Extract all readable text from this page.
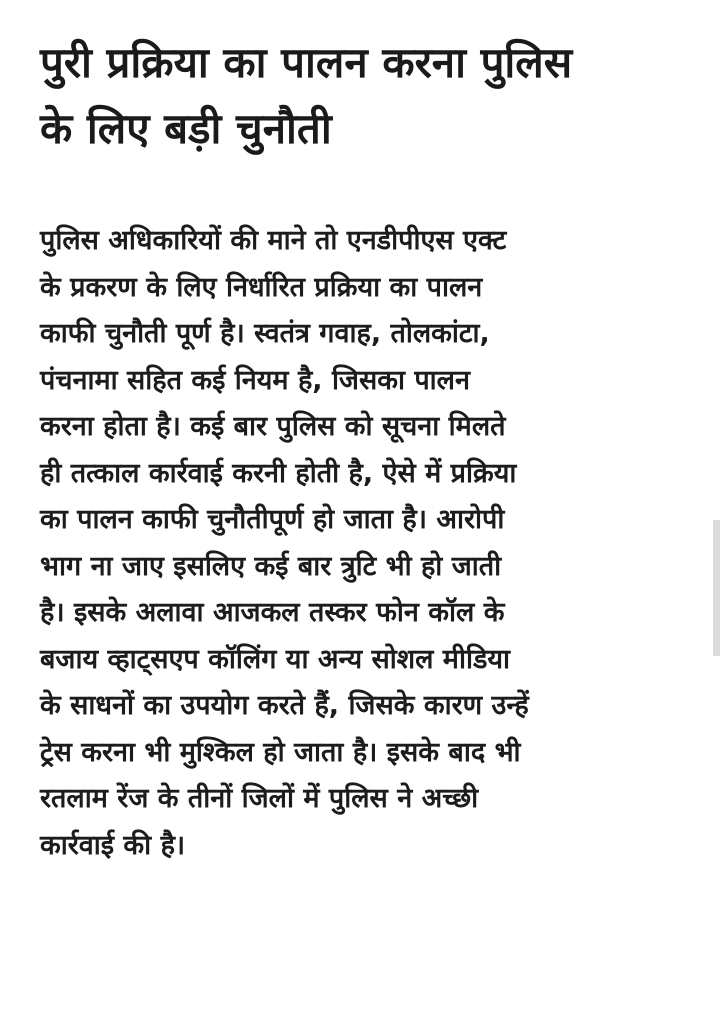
पुरी प्रक्रिया का पालन करना पुलिस
के लिए बड़ी चुनौती

पुलिस अधिकारियों की माने तो एनडीपीएस एक्ट
के प्रकरण के लिए निर्धारित प्रक्रिया का पालन
काफी चुनौती पूर्ण है। स्वतंत्र गवाह, तोलकांटा,
पंचनामा सहित कई नियम है, जिसका पालन
करना होता है। कई बार पुलिस को सूचना मिलते
ही तत्काल कार्रवाई करनी होती है, ऐसे में प्रक्रिया
का पालन काफी चुनौतीपूर्ण हो जाता है। आरोपी
भाग ना जाए इसलिए कई बार त्रुटि भी हो जाती
है। इसके अलावा आजकल तस्कर फोन कॉल के
बजाय व्हाट्सएप कॉलिंग या अन्य सोशल मीडिया
के साधनों का उपयोग करते हैं, जिसके कारण उन्हें
ट्रेस करना भी मुश्किल हो जाता है। इसके बाद भी
रतलाम रेंज के तीनों जिलों में पुलिस ने अच्छी
कार्रवाई की है।
